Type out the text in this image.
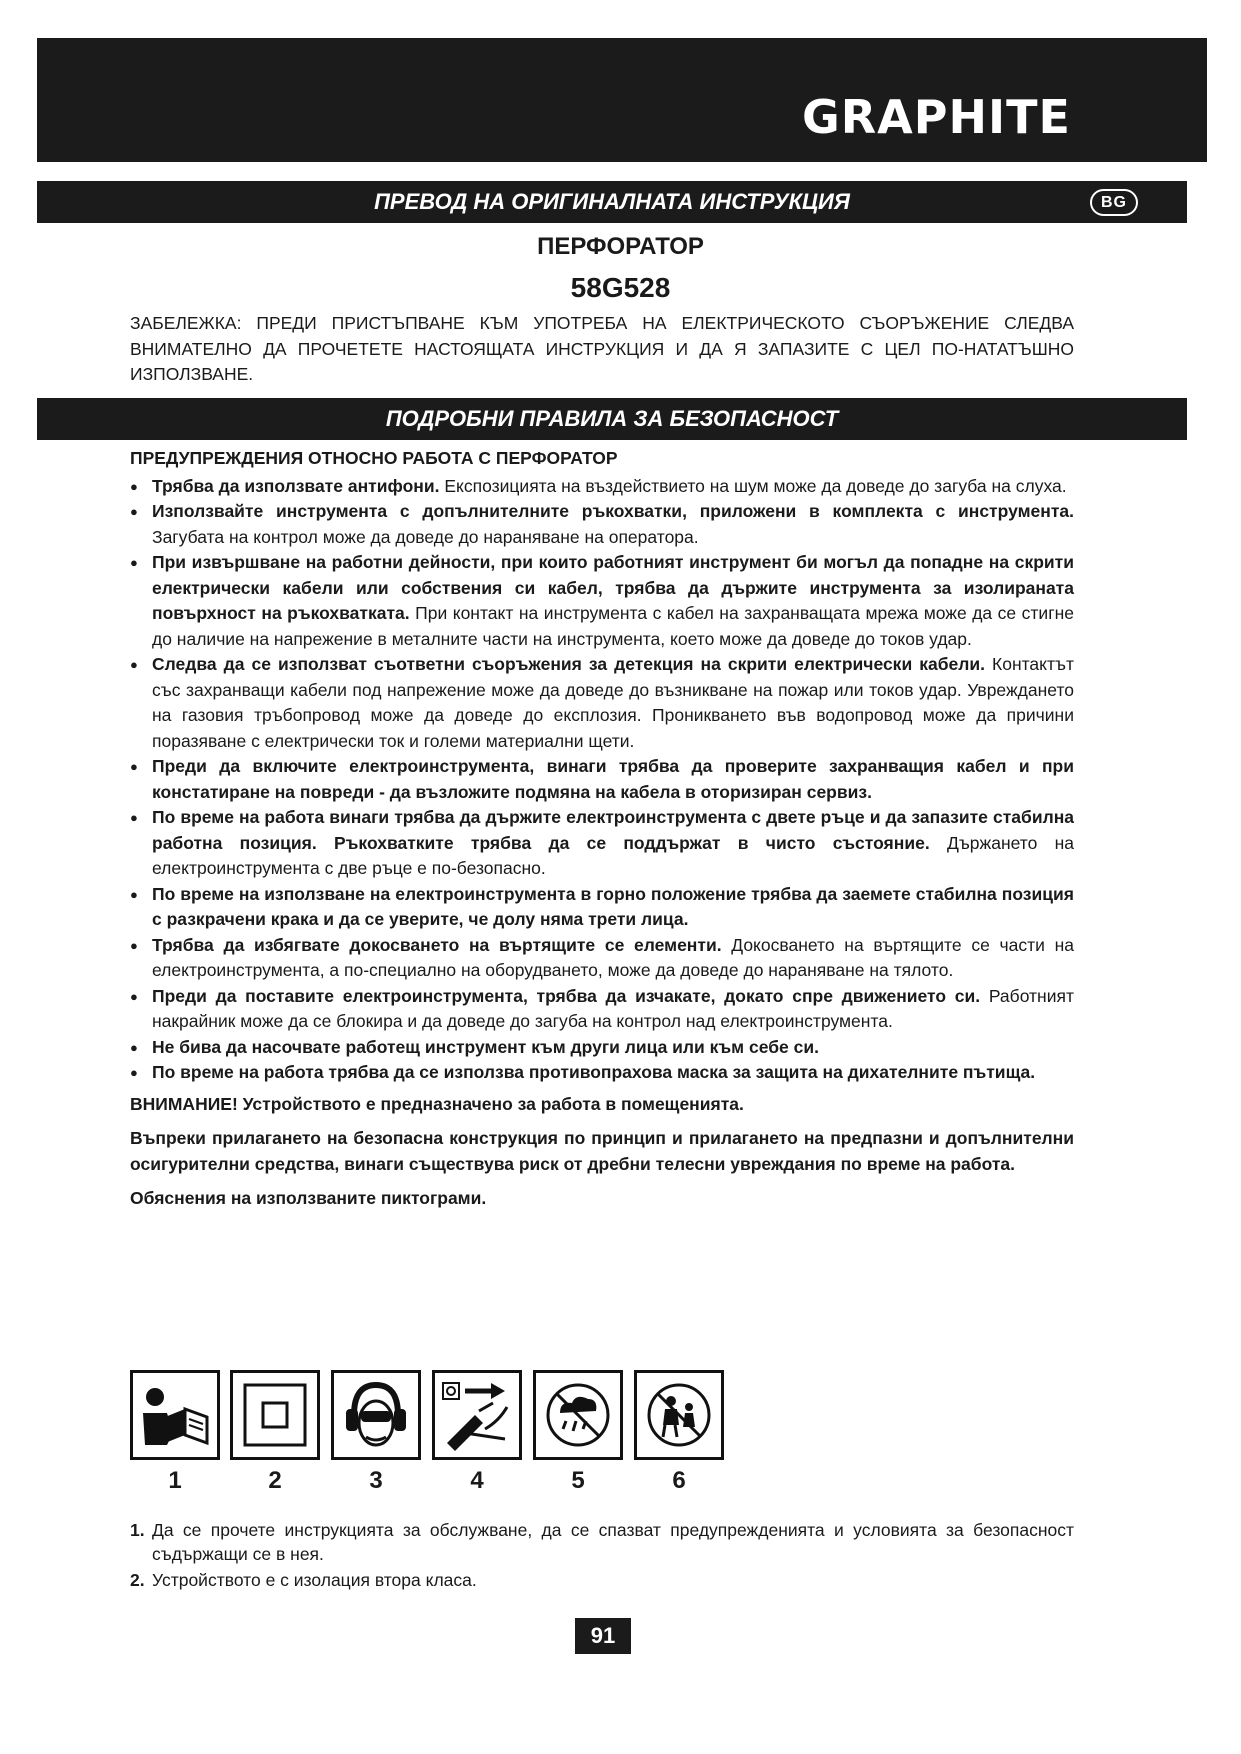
GRAPHITE
ПРЕВОД НА ОРИГИНАЛНАТА ИНСТРУКЦИЯ	BG
ПЕРФОРАТОР
58G528
ЗАБЕЛЕЖКА: ПРЕДИ ПРИСТЪПВАНЕ КЪМ УПОТРЕБА НА ЕЛЕКТРИЧЕСКОТО СЪОРЪЖЕНИЕ СЛЕДВА ВНИМАТЕЛНО ДА ПРОЧЕТЕТЕ НАСТОЯЩАТА ИНСТРУКЦИЯ И ДА Я ЗАПАЗИТЕ С ЦЕЛ ПО-НАТАТЪШНО ИЗПОЛЗВАНЕ.
ПОДРОБНИ ПРАВИЛА ЗА БЕЗОПАСНОСТ
ПРЕДУПРЕЖДЕНИЯ ОТНОСНО РАБОТА С ПЕРФОРАТОР
● Трябва да използвате антифони. Експозицията на въздействието на шум може да доведе до загуба на слуха.
● Използвайте инструмента с допълнителните ръкохватки, приложени в комплекта с инструмента. Загубата на контрол може да доведе до нараняване на оператора.
● При извършване на работни дейности, при които работният инструмент би могъл да попадне на скрити електрически кабели или собствения си кабел, трябва да държите инструмента за изолираната повърхност на ръкохватката. При контакт на инструмента с кабел на захранващата мрежа може да се стигне до наличие на напрежение в металните части на инструмента, което може да доведе до токов удар.
● Следва да се използват съответни съоръжения за детекция на скрити електрически кабели. Контактът със захранващи кабели под напрежение може да доведе до възникване на пожар или токов удар. Увреждането на газовия тръбопровод може да доведе до експлозия. Проникването във водопровод може да причини поразяване с електрически ток и големи материални щети.
● Преди да включите електроинструмента, винаги трябва да проверите захранващия кабел и при констатиране на повреди - да възложите подмяна на кабела в оторизиран сервиз.
● По време на работа винаги трябва да държите електроинструмента с двете ръце и да запазите стабилна работна позиция. Ръкохватките трябва да се поддържат в чисто състояние. Държането на електроинструмента с две ръце е по-безопасно.
● По време на използване на електроинструмента в горно положение трябва да заемете стабилна позиция с разкрачени крака и да се уверите, че долу няма трети лица.
● Трябва да избягвате докосването на въртящите се елементи. Докосването на въртящите се части на електроинструмента, а по-специално на оборудването, може да доведе до нараняване на тялото.
● Преди да поставите електроинструмента, трябва да изчакате, докато спре движението си. Работният накрайник може да се блокира и да доведе до загуба на контрол над електроинструмента.
● Не бива да насочвате работещ инструмент към други лица или към себе си.
● По време на работа трябва да се използва противопрахова маска за защита на дихателните пътища.
ВНИМАНИЕ! Устройството е предназначено за работа в помещенията.
Въпреки прилагането на безопасна конструкция по принцип и прилагането на предпазни и допълнителни осигурителни средства, винаги съществува риск от дребни телесни увреждания по време на работа.
Обяснения на използваните пиктограми.
1	2	3	4	5	6
1. Да се прочете инструкцията за обслужване, да се спазват предупрежденията и условията за безопасност съдържащи се в нея.
2. Устройството е с изолация втора класа.
91
